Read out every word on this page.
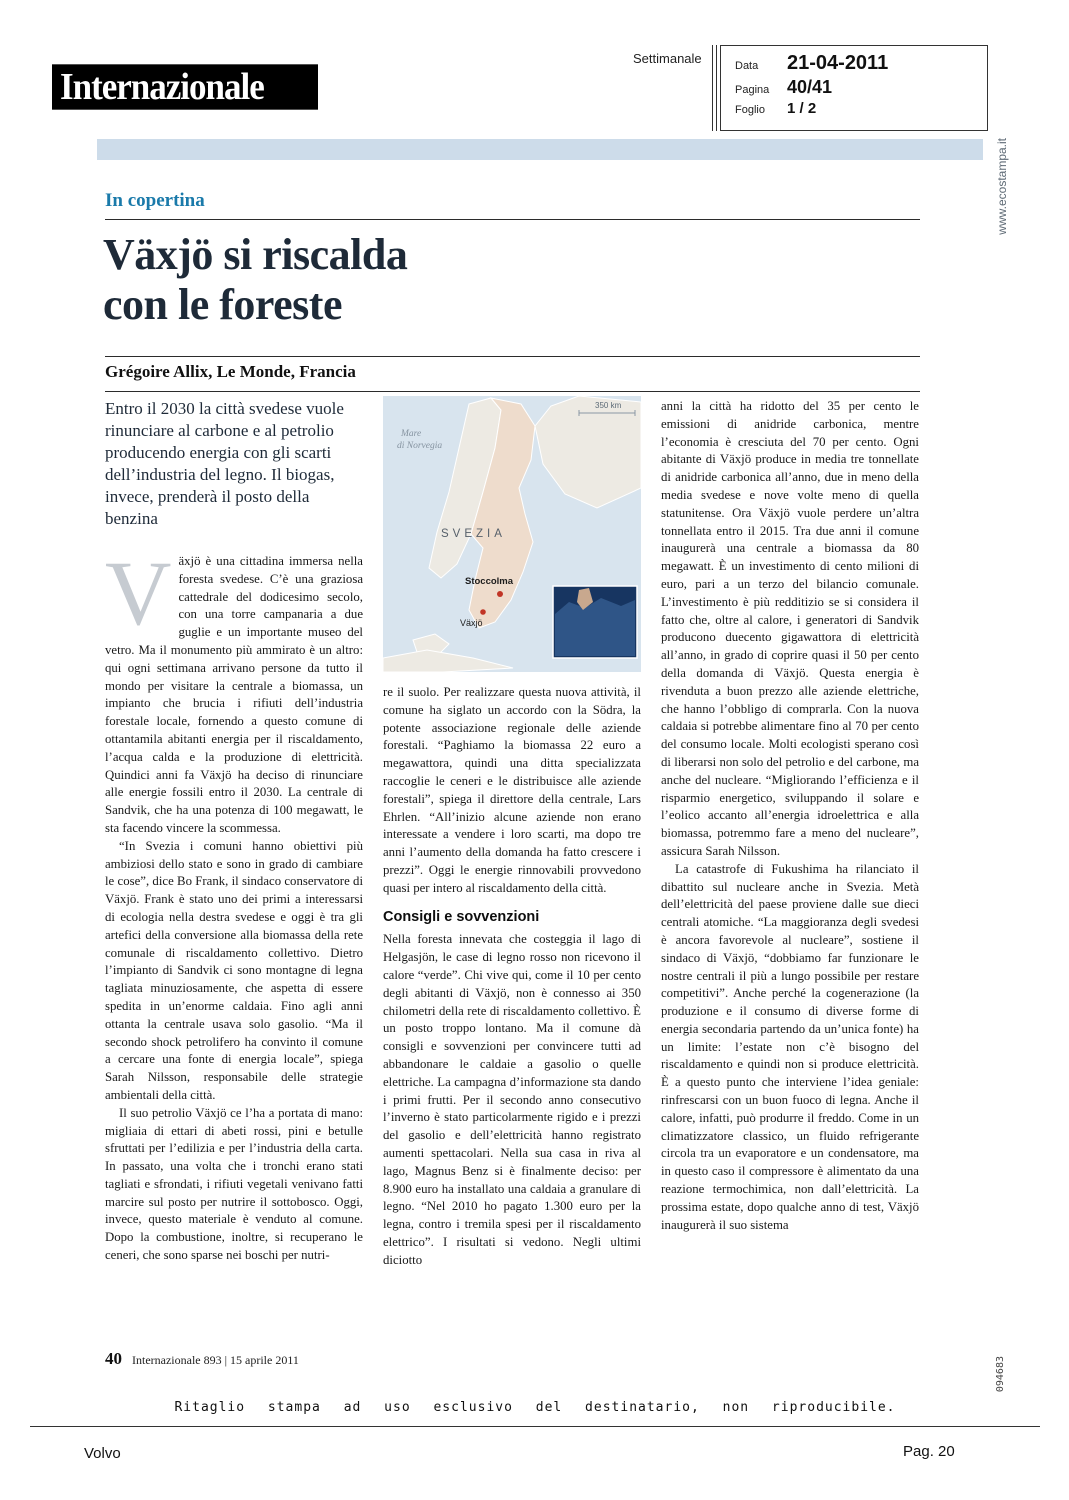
Internazionale
Settimanale	Data	21-04-2011
Pagina 40/41
Foglio	1 / 2
www.ecostampa.it
In copertina
Växjö si riscalda
con le foreste
Grégoire Allix, Le Monde, Francia
Entro il 2030 la città svedese vuole rinunciare al carbone e al petrolio producendo energia con gli scarti dell’industria del legno. Il biogas, invece, prenderà il posto della benzina
Mare
di Norvegia
SVEZIA
Stoccolma
Växjö
350 km

Växjö è una cittadina immersa nella foresta svedese. C’è una graziosa cattedrale del dodicesimo secolo, con una torre campanaria a due guglie e un importante museo del vetro. Ma il monumento più ammirato è un altro: qui ogni settimana arrivano persone da tutto il mondo per visitare la centrale a biomassa, un impianto che brucia i rifiuti dell’industria forestale locale, fornendo a questo comune di ottantamila abitanti energia per il riscaldamento, l’acqua calda e la produzione di elettricità. Quindici anni fa Växjö ha deciso di rinunciare alle energie fossili entro il 2030. La centrale di Sandvik, che ha una potenza di 100 megawatt, le sta facendo vincere la scommessa.

“In Svezia i comuni hanno obiettivi più ambiziosi dello stato e sono in grado di cambiare le cose”, dice Bo Frank, il sindaco conservatore di Växjö. Frank è stato uno dei primi a interessarsi di ecologia nella destra svedese e oggi è tra gli artefici della conversione alla biomassa della rete comunale di riscaldamento collettivo. Dietro l’impianto di Sandvik ci sono montagne di legna tagliata minuziosamente, che aspetta di essere spedita in un’enorme caldaia. Fino agli anni ottanta la centrale usava solo gasolio. “Ma il secondo shock petrolifero ha convinto il comune a cercare una fonte di energia locale”, spiega Sarah Nilsson, responsabile delle strategie ambientali della città.

Il suo petrolio Växjö ce l’ha a portata di mano: migliaia di ettari di abeti rossi, pini e betulle sfruttati per l’edilizia e per l’industria della carta. In passato, una volta che i tronchi erano stati tagliati e sfrondati, i rifiuti vegetali venivano fatti marcire sul posto per nutrire il sottobosco. Oggi, invece, questo materiale è venduto al comune. Dopo la combustione, inoltre, si recuperano le ceneri, che sono sparse nei boschi per nutri-

re il suolo. Per realizzare questa nuova attività, il comune ha siglato un accordo con la Södra, la potente associazione regionale delle aziende forestali. “Paghiamo la biomassa 22 euro a megawattora, quindi una ditta specializzata raccoglie le ceneri e le distribuisce alle aziende forestali”, spiega il direttore della centrale, Lars Ehrlen. “All’inizio alcune aziende non erano interessate a vendere i loro scarti, ma dopo tre anni l’aumento della domanda ha fatto crescere i prezzi”. Oggi le energie rinnovabili provvedono quasi per intero al riscaldamento della città.

Consigli e sovvenzioni

Nella foresta innevata che costeggia il lago di Helgasjön, le case di legno rosso non ricevono il calore “verde”. Chi vive qui, come il 10 per cento degli abitanti di Växjö, non è connesso ai 350 chilometri della rete di riscaldamento collettivo. È un posto troppo lontano. Ma il comune dà consigli e sovvenzioni per convincere tutti ad abbandonare le caldaie a gasolio o quelle elettriche. La campagna d’informazione sta dando i primi frutti. Per il secondo anno consecutivo l’inverno è stato particolarmente rigido e i prezzi del gasolio e dell’elettricità hanno registrato aumenti spettacolari. Nella sua casa in riva al lago, Magnus Benz si è finalmente deciso: per 8.900 euro ha installato una caldaia a granulare di legno. “Nel 2010 ho pagato 1.300 euro per la legna, contro i tremila spesi per il riscaldamento elettrico”. I risultati si vedono. Negli ultimi diciotto

anni la città ha ridotto del 35 per cento le emissioni di anidride carbonica, mentre l’economia è cresciuta del 70 per cento. Ogni abitante di Växjö produce in media tre tonnellate di anidride carbonica all’anno, due in meno della media svedese e nove volte meno di quella statunitense. Ora Växjö vuole perdere un’altra tonnellata entro il 2015. Tra due anni il comune inaugurerà una centrale a biomassa da 80 megawatt. È un investimento di cento milioni di euro, pari a un terzo del bilancio comunale. L’investimento è più redditizio se si considera il fatto che, oltre al calore, i generatori di Sandvik producono duecento gigawattora di elettricità all’anno, in grado di coprire quasi il 50 per cento della domanda di Växjö. Questa energia è rivenduta a buon prezzo alle aziende elettriche, che hanno l’obbligo di comprarla. Con la nuova caldaia si potrebbe alimentare fino al 70 per cento del consumo locale. Molti ecologisti sperano così di liberarsi non solo del petrolio e del carbone, ma anche del nucleare. “Migliorando l’efficienza e il risparmio energetico, sviluppando il solare e l’eolico accanto all’energia idroelettrica e alla biomassa, potremmo fare a meno del nucleare”, assicura Sarah Nilsson.

La catastrofe di Fukushima ha rilanciato il dibattito sul nucleare anche in Svezia. Metà dell’elettricità del paese proviene dalle sue dieci centrali atomiche. “La maggioranza degli svedesi è ancora favorevole al nucleare”, sostiene il sindaco di Växjö, “dobbiamo far funzionare le nostre centrali il più a lungo possibile per restare competitivi”. Anche perché la cogenerazione (la produzione e il consumo di diverse forme di energia secondaria partendo da un’unica fonte) ha un limite: l’estate non c’è bisogno del riscaldamento e quindi non si produce elettricità. È a questo punto che interviene l’idea geniale: rinfrescarsi con un buon fuoco di legna. Anche il calore, infatti, può produrre il freddo. Come in un climatizzatore classico, un fluido refrigerante circola tra un evaporatore e un condensatore, ma in questo caso il compressore è alimentato da una reazione termochimica, non dall’elettricità. La prossima estate, dopo qualche anno di test, Växjö inaugurerà il suo sistema

40 Internazionale 893 | 15 aprile 2011
Ritaglio stampa ad uso esclusivo del destinatario, non riproducibile.
Volvo	Pag. 20
094683
